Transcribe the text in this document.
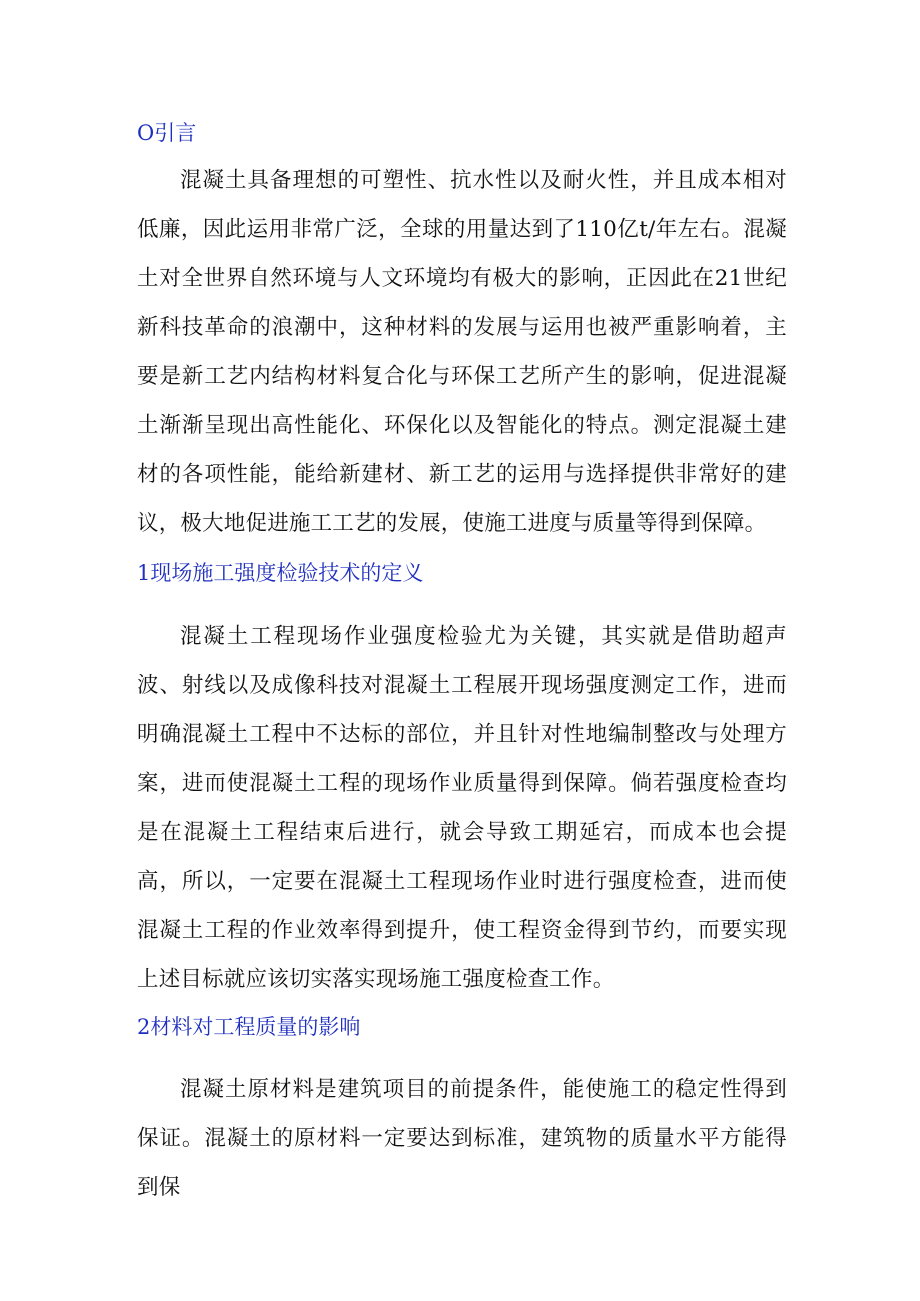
O引言

混凝土具备理想的可塑性、抗水性以及耐火性，并且成本相对低廉，因此运用非常广泛，全球的用量达到了110亿t/年左右。混凝土对全世界自然环境与人文环境均有极大的影响，正因此在21世纪新科技革命的浪潮中，这种材料的发展与运用也被严重影响着，主要是新工艺内结构材料复合化与环保工艺所产生的影响，促进混凝土渐渐呈现出高性能化、环保化以及智能化的特点。测定混凝土建材的各项性能，能给新建材、新工艺的运用与选择提供非常好的建议，极大地促进施工工艺的发展，使施工进度与质量等得到保障。

1现场施工强度检验技术的定义

混凝土工程现场作业强度检验尤为关键，其实就是借助超声波、射线以及成像科技对混凝土工程展开现场强度测定工作，进而明确混凝土工程中不达标的部位，并且针对性地编制整改与处理方案，进而使混凝土工程的现场作业质量得到保障。倘若强度检查均是在混凝土工程结束后进行，就会导致工期延宕，而成本也会提高，所以，一定要在混凝土工程现场作业时进行强度检查，进而使混凝土工程的作业效率得到提升，使工程资金得到节约，而要实现上述目标就应该切实落实现场施工强度检查工作。

2材料对工程质量的影响

混凝土原材料是建筑项目的前提条件，能使施工的稳定性得到保证。混凝土的原材料一定要达到标准，建筑物的质量水平方能得到保
